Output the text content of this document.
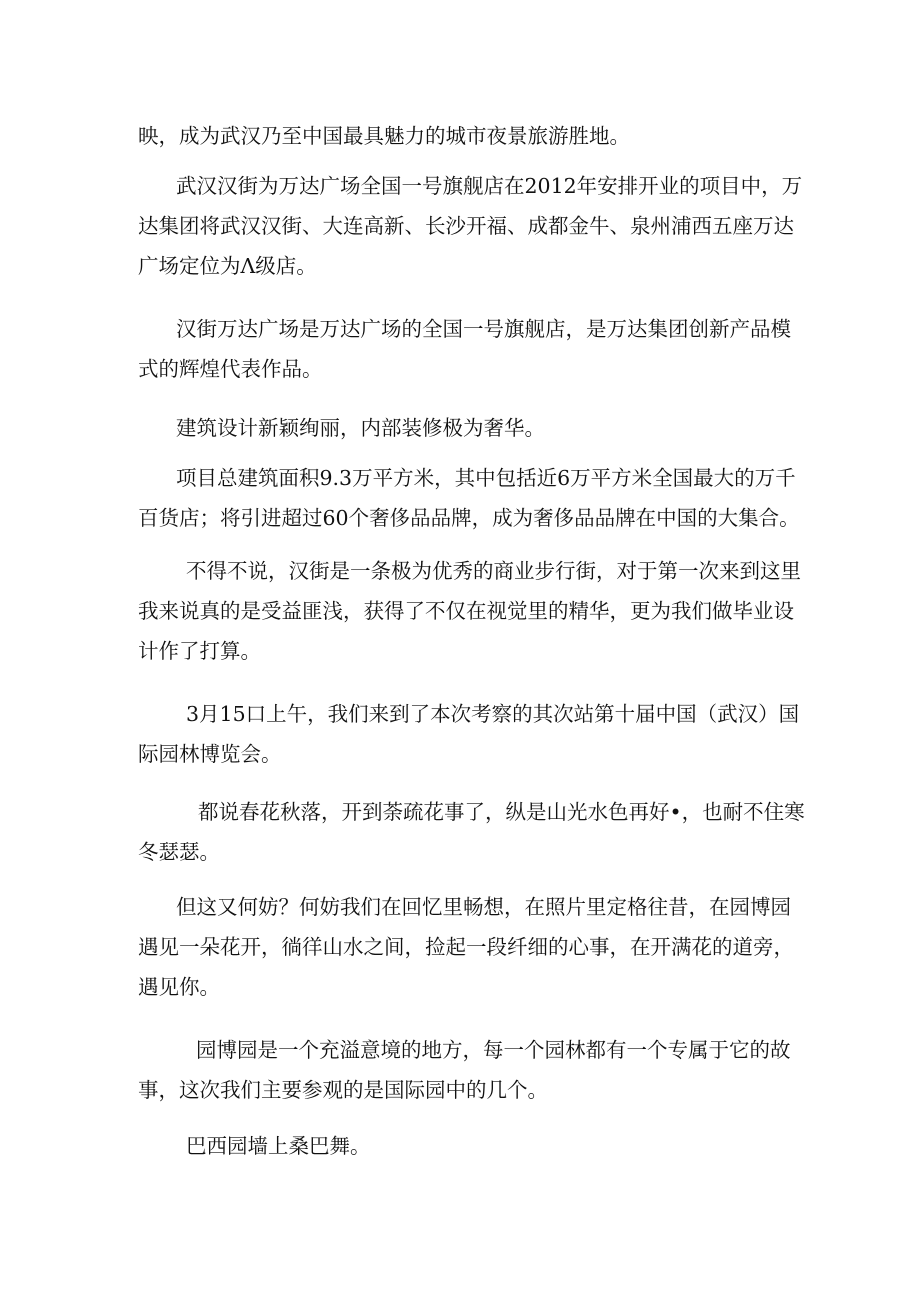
映，成为武汉乃至中国最具魅力的城市夜景旅游胜地。
武汉汉街为万达广场全国一号旗舰店在2012年安排开业的项目中，万
达集团将武汉汉街、大连高新、长沙开福、成都金牛、泉州浦西五座万达
广场定位为Λ级店。
汉街万达广场是万达广场的全国一号旗舰店，是万达集团创新产品模
式的辉煌代表作品。
建筑设计新颖绚丽，内部装修极为奢华。
项目总建筑面积9.3万平方米，其中包括近6万平方米全国最大的万千
百货店；将引进超过60个奢侈品品牌，成为奢侈品品牌在中国的大集合。
不得不说，汉街是一条极为优秀的商业步行街，对于第一次来到这里
我来说真的是受益匪浅，获得了不仅在视觉里的精华，更为我们做毕业设
计作了打算。
3月15口上午，我们来到了本次考察的其次站第十届中国（武汉）国
际园林博览会。
都说春花秋落，开到荼疏花事了，纵是山光水色再好•，也耐不住寒
冬瑟瑟。
但这又何妨？何妨我们在回忆里畅想，在照片里定格往昔，在园博园
遇见一朵花开，徜徉山水之间，捡起一段纤细的心事，在开满花的道旁，
遇见你。
园博园是一个充溢意境的地方，每一个园林都有一个专属于它的故
事，这次我们主要参观的是国际园中的几个。
巴西园墙上桑巴舞。
